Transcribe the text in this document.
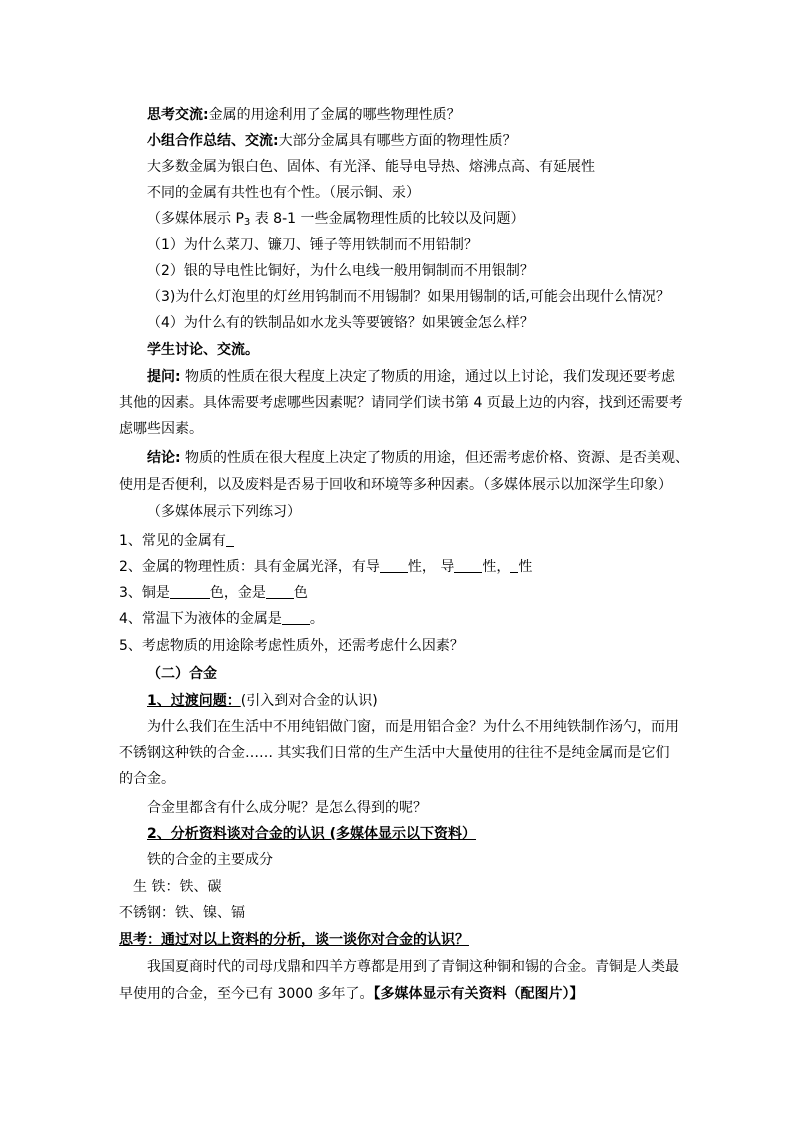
思考交流:金属的用途利用了金属的哪些物理性质？
小组合作总结、交流:大部分金属具有哪些方面的物理性质？
大多数金属为银白色、固体、有光泽、能导电导热、熔沸点高、有延展性
不同的金属有共性也有个性。（展示铜、汞）
（多媒体展示 $P_3$ 表 8-1 一些金属物理性质的比较以及问题）
（1）为什么菜刀、镰刀、锤子等用铁制而不用铅制？
（2）银的导电性比铜好，为什么电线一般用铜制而不用银制？
（3)为什么灯泡里的灯丝用钨制而不用锡制？如果用锡制的话,可能会出现什么情况？
（4）为什么有的铁制品如水龙头等要镀铬？如果镀金怎么样？
学生讨论、交流。
提问: 物质的性质在很大程度上决定了物质的用途，通过以上讨论，我们发现还要考虑
其他的因素。具体需要考虑哪些因素呢？请同学们读书第 4 页最上边的内容，找到还需要考
虑哪些因素。
结论: 物质的性质在很大程度上决定了物质的用途，但还需考虑价格、资源、是否美观、
使用是否便利，以及废料是否易于回收和环境等多种因素。（多媒体展示以加深学生印象）
（多媒体展示下列练习）
1、常见的金属有
2、金属的物理性质：具有金属光泽，有导 性， 导 性， 性
3、铜是	色，金是 色
4、常温下为液体的金属是 。
5、考虑物质的用途除考虑性质外，还需考虑什么因素？
（二）合金
1、过渡问题：(引入到对合金的认识)
为什么我们在生活中不用纯铝做门窗，而是用铝合金？为什么不用纯铁制作汤勺，而用
不锈钢这种铁的合金…… 其实我们日常的生产生活中大量使用的往往不是纯金属而是它们
的合金。
合金里都含有什么成分呢？是怎么得到的呢？
2、分析资料谈对合金的认识 (多媒体显示以下资料）
铁的合金的主要成分
生 铁：铁、碳
不锈钢：铁、镍、镉
思考：通过对以上资料的分析，谈一谈你对合金的认识？
我国夏商时代的司母戊鼎和四羊方尊都是用到了青铜这种铜和锡的合金。青铜是人类最
早使用的合金，至今已有 3000 多年了。【多媒体显示有关资料（配图片）】
